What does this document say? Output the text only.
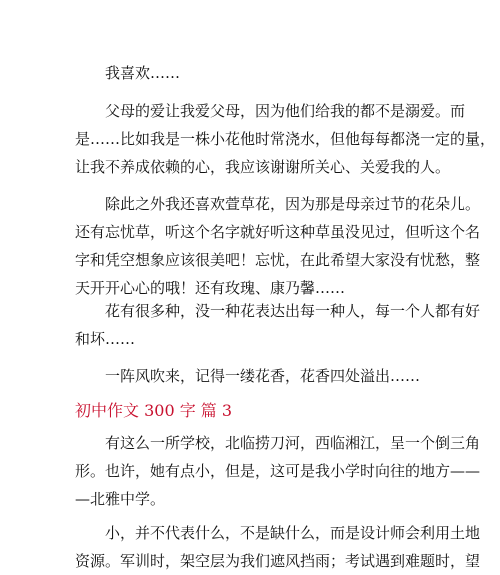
我喜欢……
父母的爱让我爱父母，因为他们给我的都不是溺爱。而
是……比如我是一株小花他时常浇水，但他每每都浇一定的量，
让我不养成依赖的心，我应该谢谢所关心、关爱我的人。
除此之外我还喜欢萱草花，因为那是母亲过节的花朵儿。
还有忘忧草，听这个名字就好听这种草虽没见过，但听这个名
字和凭空想象应该很美吧！忘忧，在此希望大家没有忧愁，整
天开开心心的哦！还有玫瑰、康乃馨……
花有很多种，没一种花表达出每一种人，每一个人都有好
和坏……
一阵风吹来，记得一缕花香，花香四处溢出……
初中作文 300 字 篇 3
有这么一所学校，北临捞刀河，西临湘江，呈一个倒三角
形。也许，她有点小，但是，这可是我小学时向往的地方——
—北雅中学。
小，并不代表什么，不是缺什么，而是设计师会利用土地
资源。军训时，架空层为我们遮风挡雨；考试遇到难题时，望
